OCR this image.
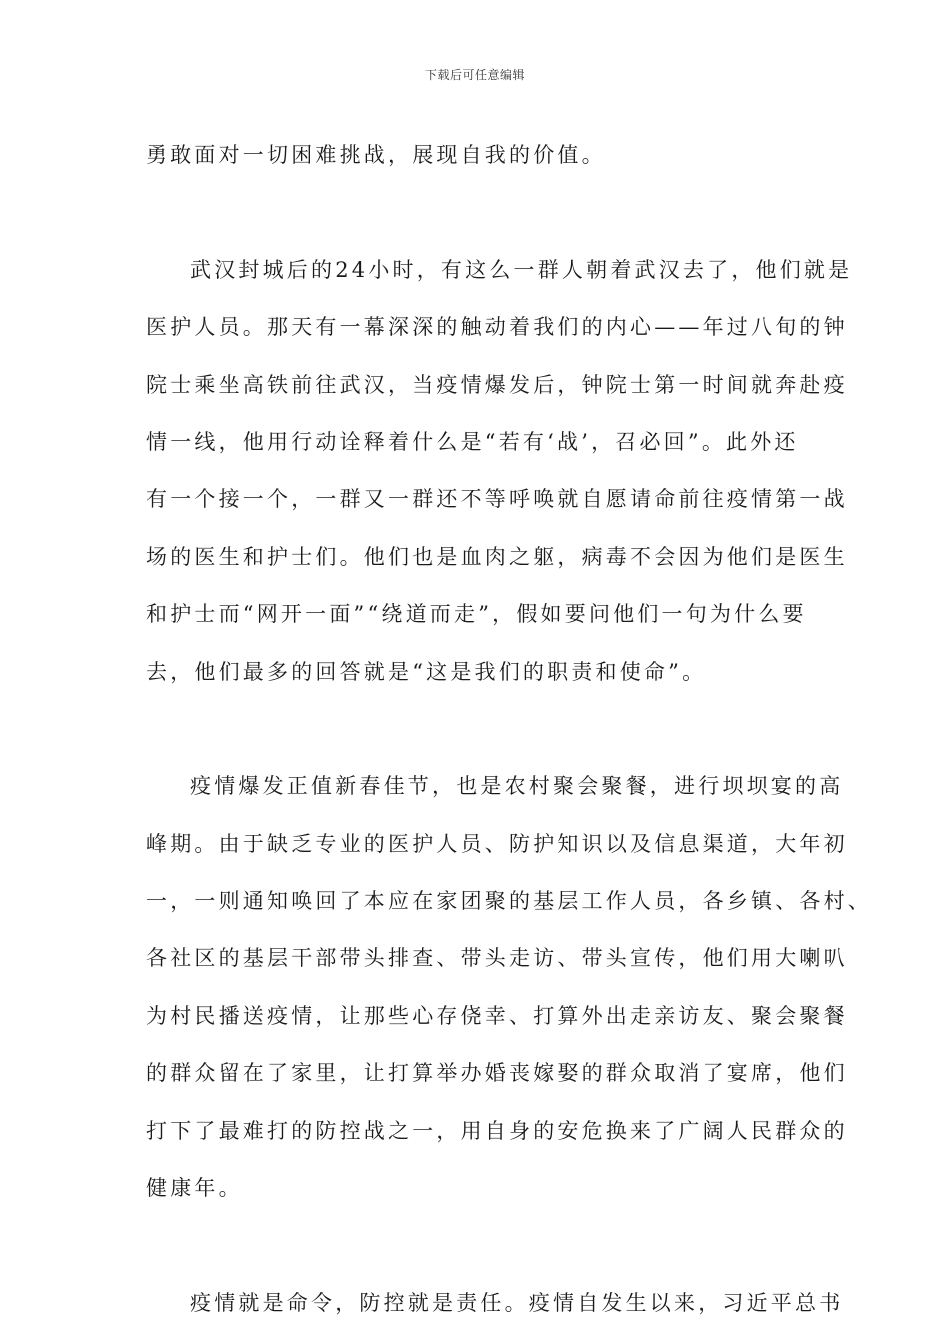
下载后可任意编辑
勇敢面对一切困难挑战，展现自我的价值。
武汉封城后的24小时，有这么一群人朝着武汉去了，他们就是
医护人员。那天有一幕深深的触动着我们的内心——年过八旬的钟
院士乘坐高铁前往武汉，当疫情爆发后，钟院士第一时间就奔赴疫
情一线，他用行动诠释着什么是“若有‘战’，召必回”。此外还
有一个接一个，一群又一群还不等呼唤就自愿请命前往疫情第一战
场的医生和护士们。他们也是血肉之躯，病毒不会因为他们是医生
和护士而“网开一面”“绕道而走”，假如要问他们一句为什么要
去，他们最多的回答就是“这是我们的职责和使命”。
疫情爆发正值新春佳节，也是农村聚会聚餐，进行坝坝宴的高
峰期。由于缺乏专业的医护人员、防护知识以及信息渠道，大年初
一，一则通知唤回了本应在家团聚的基层工作人员，各乡镇、各村、
各社区的基层干部带头排查、带头走访、带头宣传，他们用大喇叭
为村民播送疫情，让那些心存侥幸、打算外出走亲访友、聚会聚餐
的群众留在了家里，让打算举办婚丧嫁娶的群众取消了宴席，他们
打下了最难打的防控战之一，用自身的安危换来了广阔人民群众的
健康年。
疫情就是命令，防控就是责任。疫情自发生以来，习近平总书
